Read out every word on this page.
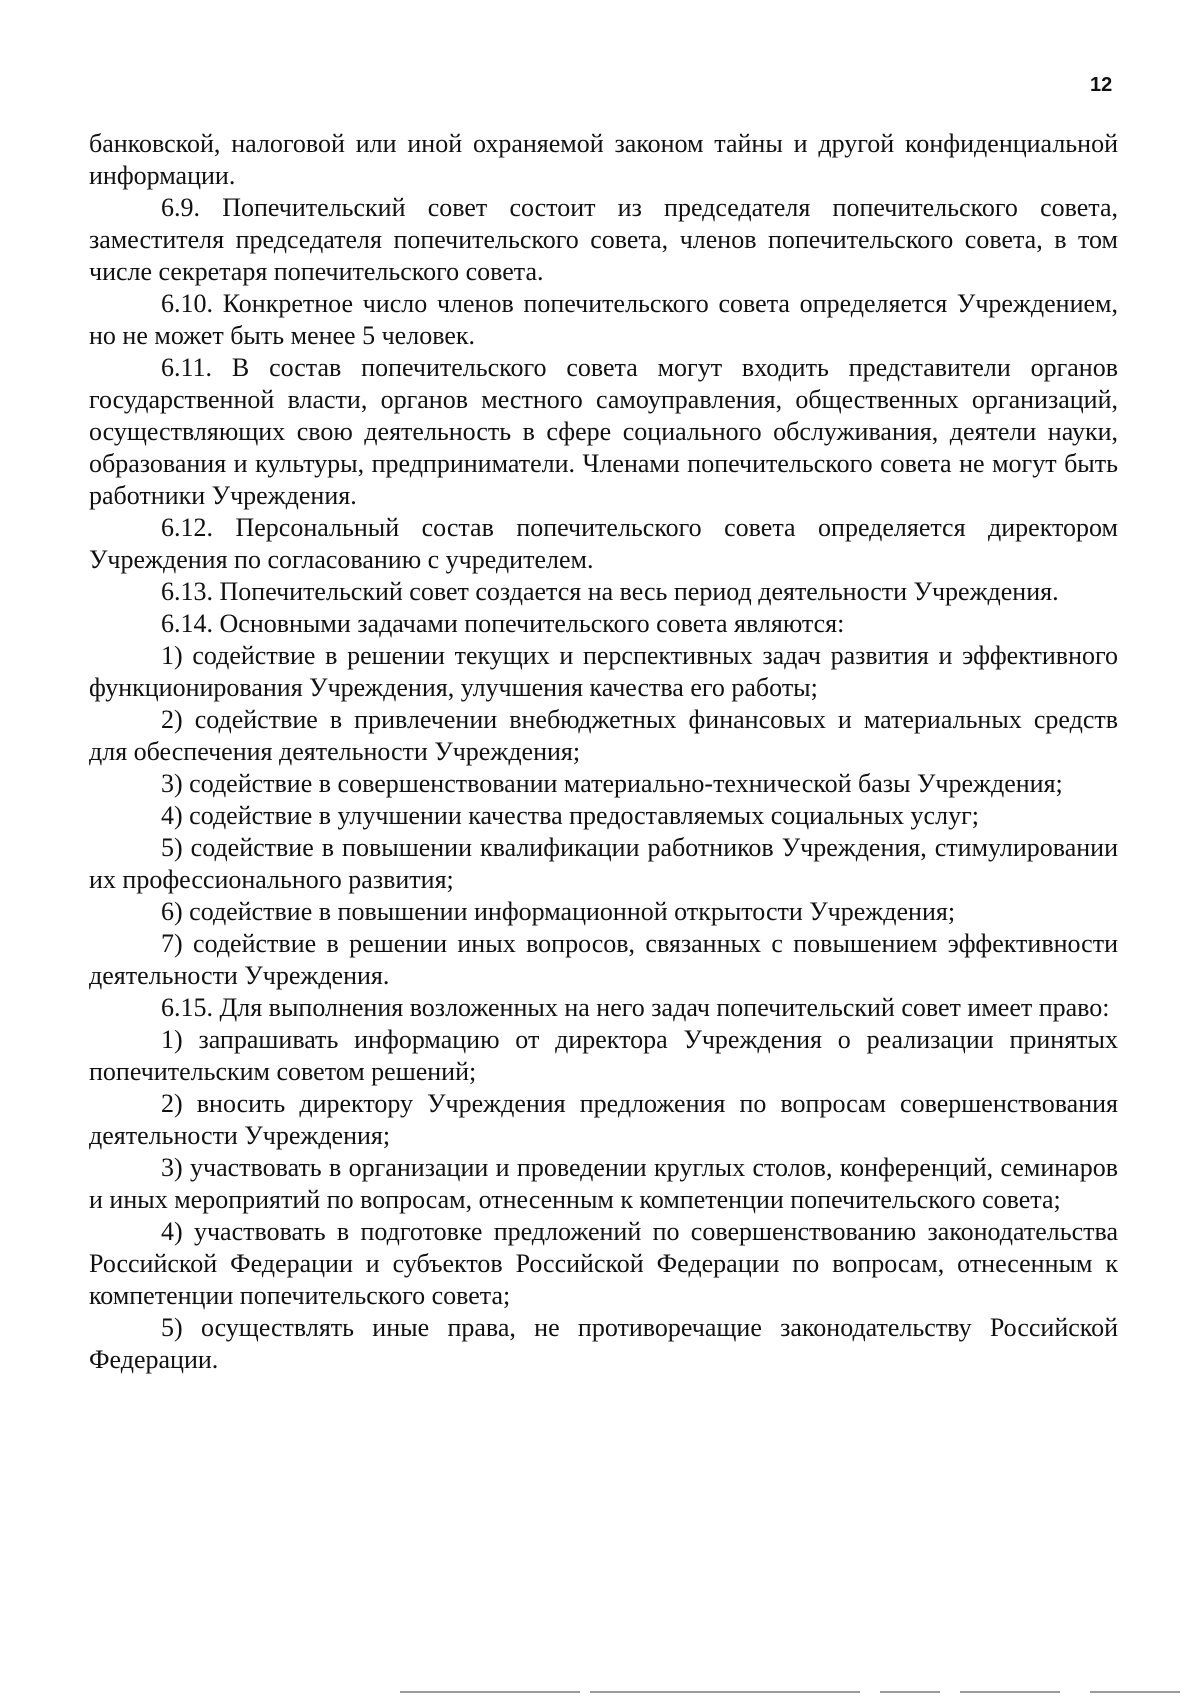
12

банковской, налоговой или иной охраняемой законом тайны и другой конфиденциальной информации.

6.9. Попечительский совет состоит из председателя попечительского совета, заместителя председателя попечительского совета, членов попечительского совета, в том числе секретаря попечительского совета.

6.10. Конкретное число членов попечительского совета определяется Учреждением, но не может быть менее 5 человек.

6.11. В состав попечительского совета могут входить представители органов государственной власти, органов местного самоуправления, общественных организаций, осуществляющих свою деятельность в сфере социального обслуживания, деятели науки, образования и культуры, предприниматели. Членами попечительского совета не могут быть работники Учреждения.

6.12. Персональный состав попечительского совета определяется директором Учреждения по согласованию с учредителем.

6.13. Попечительский совет создается на весь период деятельности Учреждения.

6.14. Основными задачами попечительского совета являются:

1) содействие в решении текущих и перспективных задач развития и эффективного функционирования Учреждения, улучшения качества его работы;

2) содействие в привлечении внебюджетных финансовых и материальных средств для обеспечения деятельности Учреждения;

3) содействие в совершенствовании материально-технической базы Учреждения;

4) содействие в улучшении качества предоставляемых социальных услуг;

5) содействие в повышении квалификации работников Учреждения, стимулировании их профессионального развития;

6) содействие в повышении информационной открытости Учреждения;

7) содействие в решении иных вопросов, связанных с повышением эффективности деятельности Учреждения.

6.15. Для выполнения возложенных на него задач попечительский совет имеет право:

1) запрашивать информацию от директора Учреждения о реализации принятых попечительским советом решений;

2) вносить директору Учреждения предложения по вопросам совершенствования деятельности Учреждения;

3) участвовать в организации и проведении круглых столов, конференций, семинаров и иных мероприятий по вопросам, отнесенным к компетенции попечительского совета;

4) участвовать в подготовке предложений по совершенствованию законодательства Российской Федерации и субъектов Российской Федерации по вопросам, отнесенным к компетенции попечительского совета;

5) осуществлять иные права, не противоречащие законодательству Российской Федерации.
